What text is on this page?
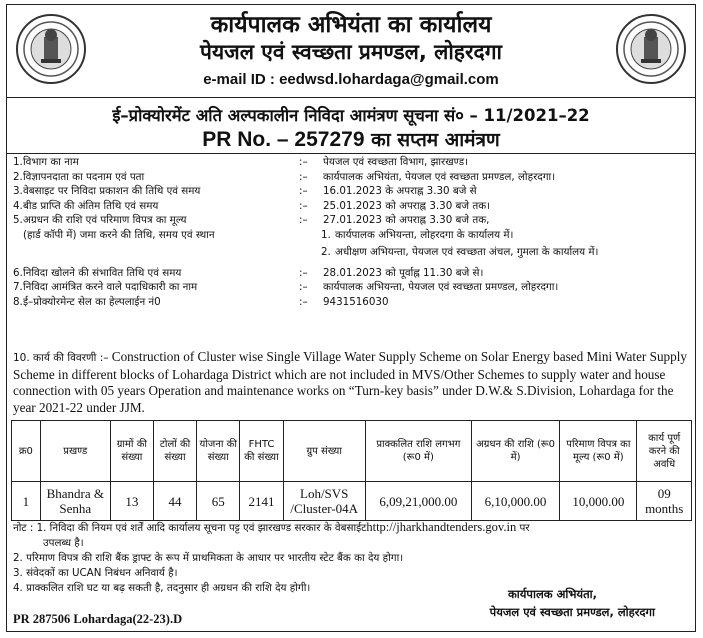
कार्यपालक अभियंता का कार्यालय
पेयजल एवं स्वच्छता प्रमण्डल, लोहरदगा
e-mail ID : eedwsd.lohardaga@gmail.com
ई–प्रोक्योरमेंट अति अल्पकालीन निविदा आमंत्रण सूचना सं० – 11/2021–22
PR No. – 257279 का सप्तम आमंत्रण
1. विभाग का नाम	:–	पेयजल एवं स्वच्छता विभाग, झारखण्ड।
2. विज्ञापनदाता का पदनाम एवं पता	:–	कार्यपालक अभियंता, पेयजल एवं स्वच्छता प्रमण्डल, लोहरदगा।
3. वेबसाइट पर निविदा प्रकाशन की तिथि एवं समय	:–	16.01.2023 के अपराह्न 3.30 बजे से
4. बीड प्राप्ति की अंतिम तिथि एवं समय	:–	25.01.2023 को अपराह्न 3.30 बजे तक।
5. अग्रधन की राशि एवं परिमाण विपत्र का मूल्य	:–	27.01.2023 को अपराह्न 3.30 बजे तक,
(हार्ड कॉपी में) जमा करने की तिथि, समय एवं स्थान	1. कार्यपालक अभियन्ता, लोहरदगा के कार्यालय में।
2. अधीक्षण अभियन्ता, पेयजल एवं स्वच्छता अंचल, गुमला के कार्यालय में।
6. निविदा खोलने की संभावित तिथि एवं समय	:–	28.01.2023 को पूर्वाह्न 11.30 बजे से।
7. निविदा आमंत्रित करने वाले पदाधिकारी का नाम	:–	कार्यपालक अभियन्ता, पेयजल एवं स्वच्छता प्रमण्डल, लोहरदगा।
8. ई–प्रोक्योरमेन्ट सेल का हेल्पलाईन नं0	:–	9431516030
10. कार्य की विवरणी :– Construction of Cluster wise Single Village Water Supply Scheme on Solar Energy based Mini Water Supply Scheme in different blocks of Lohardaga District which are not included in MVS/Other Schemes to supply water and house connection with 05 years Operation and maintenance works on “Turn-key basis” under D.W.& S.Division, Lohardaga for the year 2021-22 under JJM.
क्र0	प्रखण्ड	ग्रामों की संख्या	टोलों की संख्या	योजना की संख्या	FHTC की संख्या	ग्रुप संख्या	प्राक्कलित राशि लगभग (रू0 में)	अग्रधन की राशि (रू0 में)	परिमाण विपत्र का मूल्य (रू0 में)	कार्य पूर्ण करने की अवधि
1	Bhandra & Senha	13	44	65	2141	Loh/SVS /Cluster-04A	6,09,21,000.00	6,10,000.00	10,000.00	09 months
नोट : 1. निविदा की नियम एवं शर्तें आदि कार्यालय सूचना पट्ट एवं झारखण्ड सरकार के वेबसाईटhttp://jharkhandtenders.gov.in पर
उपलब्ध है।
2. परिमाण विपत्र की राशि बैंक ड्राफ्ट के रूप में प्राथमिकता के आधार पर भारतीय स्टेट बैंक का देय होगा।
3. संवेदकों का UCAN निबंधन अनिवार्य है।
4. प्राक्कलित राशि घट या बढ़ सकती है, तदनुसार ही अग्रधन की राशि देय होगी।	कार्यपालक अभियंता,
पेयजल एवं स्वच्छता प्रमण्डल, लोहरदगा
PR 287506 Lohardaga(22-23).D
